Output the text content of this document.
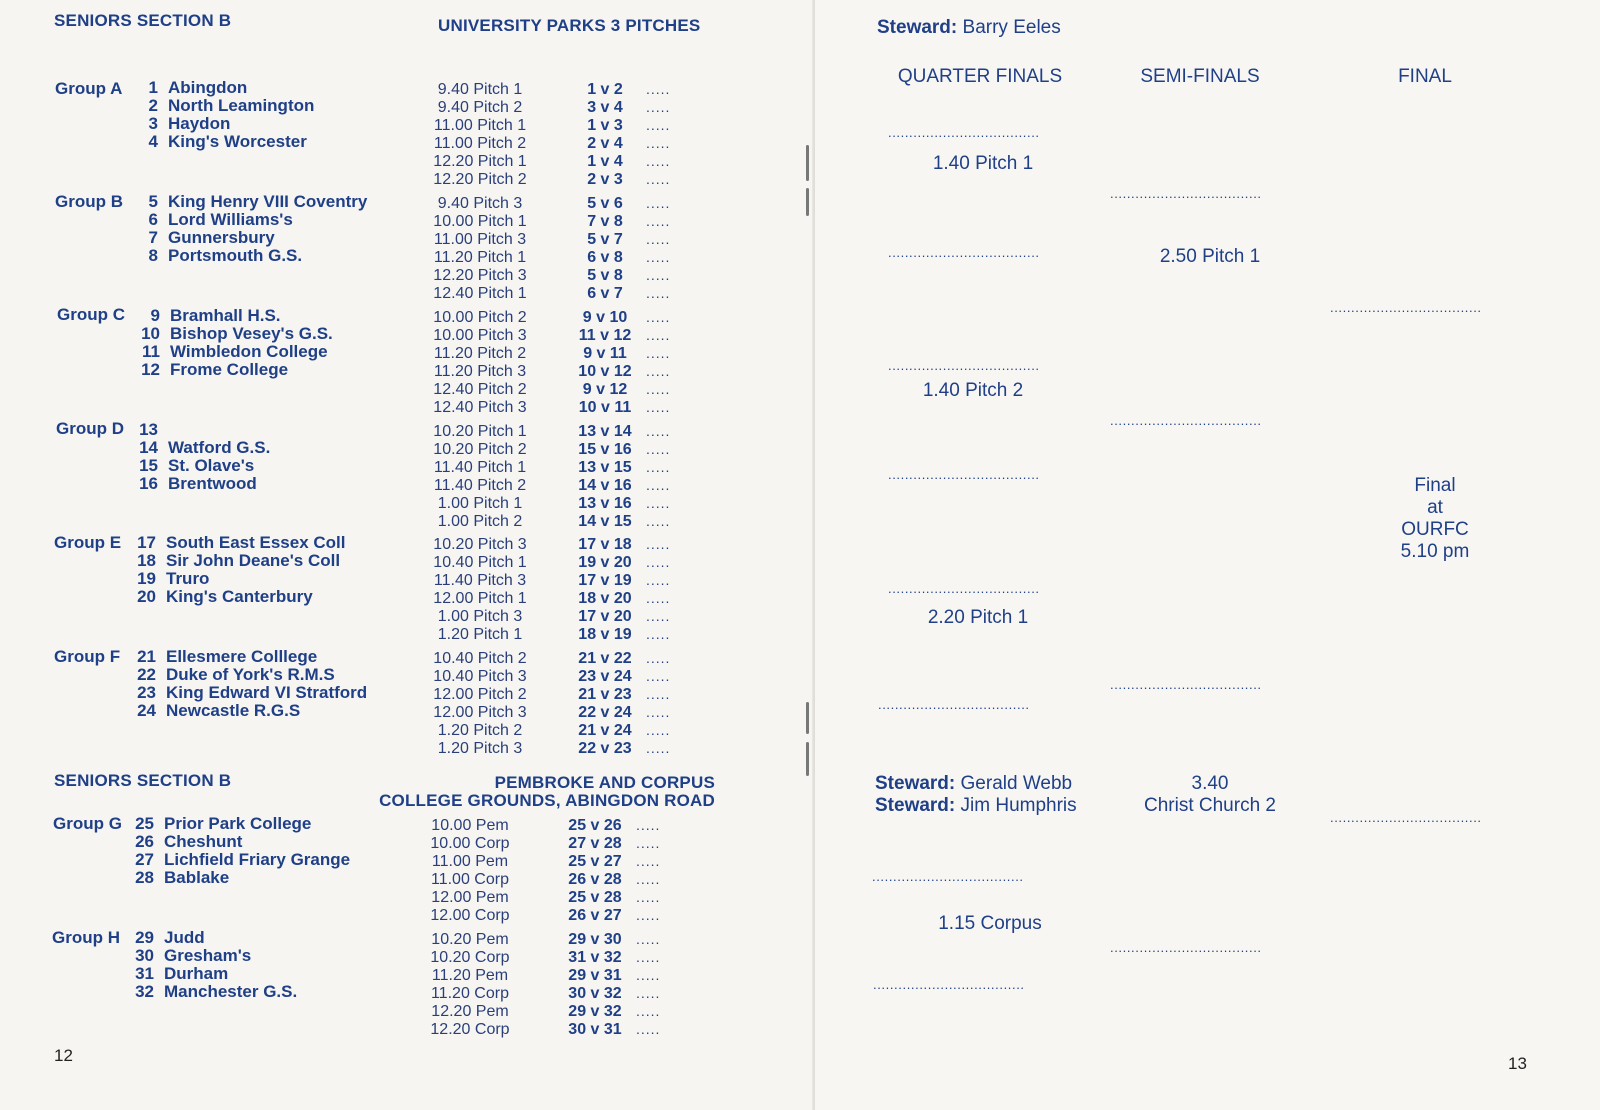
SENIORS SECTION B	UNIVERSITY PARKS 3 PITCHES
Group A	1 Abingdon
2 North Leamington
3 Haydon
4 King's Worcester
9.40 Pitch 1	1 v 2 .....
9.40 Pitch 2	3 v 4 .....
11.00 Pitch 1	1 v 3 .....
11.00 Pitch 2	2 v 4 .....
12.20 Pitch 1	1 v 4 .....
12.20 Pitch 2	2 v 3 .....
Group B	5 King Henry VIII Coventry
6 Lord Williams's
7 Gunnersbury
8 Portsmouth G.S.
9.40 Pitch 3	5 v 6 .....
10.00 Pitch 1	7 v 8 .....
11.00 Pitch 3	5 v 7 .....
11.20 Pitch 1	6 v 8 .....
12.20 Pitch 3	5 v 8 .....
12.40 Pitch 1	6 v 7 .....
Group C	9 Bramhall H.S.
10 Bishop Vesey's G.S.
11 Wimbledon College
12 Frome College
10.00 Pitch 2	9 v 10 .....
10.00 Pitch 3	11 v 12 .....
11.20 Pitch 2	9 v 11 .....
11.20 Pitch 3	10 v 12 .....
12.40 Pitch 2	9 v 12 .....
12.40 Pitch 3	10 v 11 .....
Group D 13
14 Watford G.S.
15 St. Olave's
16 Brentwood
10.20 Pitch 1	13 v 14 .....
10.20 Pitch 2	15 v 16 .....
11.40 Pitch 1	13 v 15 .....
11.40 Pitch 2	14 v 16 .....
1.00 Pitch 1	13 v 16 .....
1.00 Pitch 2	14 v 15 .....
Group E 17 South East Essex Coll
18 Sir John Deane's Coll
19 Truro
20 King's Canterbury
10.20 Pitch 3	17 v 18 .....
10.40 Pitch 1	19 v 20 .....
11.40 Pitch 3	17 v 19 .....
12.00 Pitch 1	18 v 20 .....
1.00 Pitch 3	17 v 20 .....
1.20 Pitch 1	18 v 19 .....
Group F 21 Ellesmere Colllege
22 Duke of York's R.M.S
23 King Edward VI Stratford
24 Newcastle R.G.S
10.40 Pitch 2	21 v 22 .....
10.40 Pitch 3	23 v 24 .....
12.00 Pitch 2	21 v 23 .....
12.00 Pitch 3	22 v 24 .....
1.20 Pitch 2	21 v 24 .....
1.20 Pitch 3	22 v 23 .....
SENIORS SECTION B	PEMBROKE AND CORPUS
COLLEGE GROUNDS, ABINGDON ROAD
Group G 25 Prior Park College
26 Cheshunt
27 Lichfield Friary Grange
28 Bablake
10.00 Pem	25 v 26 .....
10.00 Corp	27 v 28 .....
11.00 Pem	25 v 27 .....
11.00 Corp	26 v 28 .....
12.00 Pem	25 v 28 .....
12.00 Corp	26 v 27 .....
Group H 29 Judd
30 Gresham's
31 Durham
32 Manchester G.S.
10.20 Pem	29 v 30 .....
10.20 Corp	31 v 32 .....
11.20 Pem	29 v 31 .....
11.20 Corp	30 v 32 .....
12.20 Pem	29 v 32 .....
12.20 Corp	30 v 31 .....
12
Steward: Barry Eeles
QUARTER FINALS	SEMI-FINALS	FINAL
....................................
1.40 Pitch 1
....................................
....................................
1.40 Pitch 2
....................................
....................................
2.20 Pitch 1
....................................
Steward: Gerald Webb
Steward: Jim Humphris
....................................
1.15 Corpus
....................................
....................................
2.50 Pitch 1
....................................
....................................
3.40
Christ Church 2
....................................
....................................
Final
at
OURFC
5.10 pm
....................................
13
